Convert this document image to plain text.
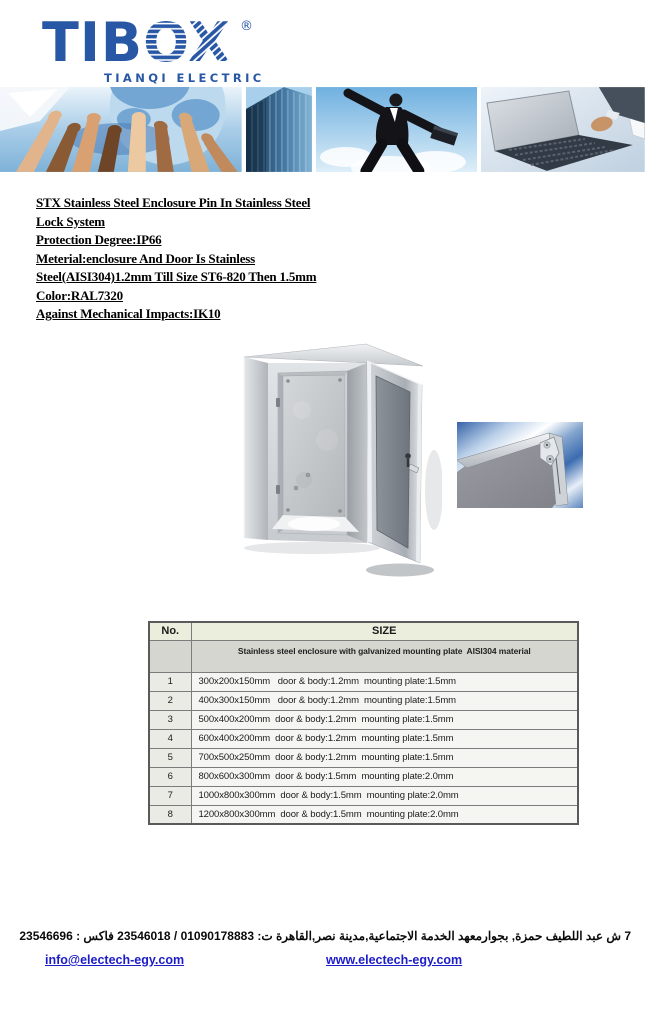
TIBOX ®
TIANQI ELECTRIC
STX Stainless Steel Enclosure Pin In Stainless Steel
Lock System
Protection Degree:IP66
Meterial:enclosure And Door Is Stainless
Steel(AISI304)1.2mm Till Size ST6-820 Then 1.5mm
Color:RAL7320
Against Mechanical Impacts:IK10
No.	SIZE
	Stainless steel enclosure with galvanized mounting plate  AISI304 material
1	300x200x150mm   door & body:1.2mm  mounting plate:1.5mm
2	400x300x150mm   door & body:1.2mm  mounting plate:1.5mm
3	500x400x200mm  door & body:1.2mm  mounting plate:1.5mm
4	600x400x200mm  door & body:1.2mm  mounting plate:1.5mm
5	700x500x250mm  door & body:1.2mm  mounting plate:1.5mm
6	800x600x300mm  door & body:1.5mm  mounting plate:2.0mm
7	1000x800x300mm  door & body:1.5mm  mounting plate:2.0mm
8	1200x800x300mm  door & body:1.5mm  mounting plate:2.0mm
7 ش عبد اللطيف حمزة, بجوارمعهد الخدمة الاجتماعية,مدينة نصر,القاهرة ت: 01090178883 / 23546018 فاكس : 23546696
info@electech-egy.com	www.electech-egy.com
